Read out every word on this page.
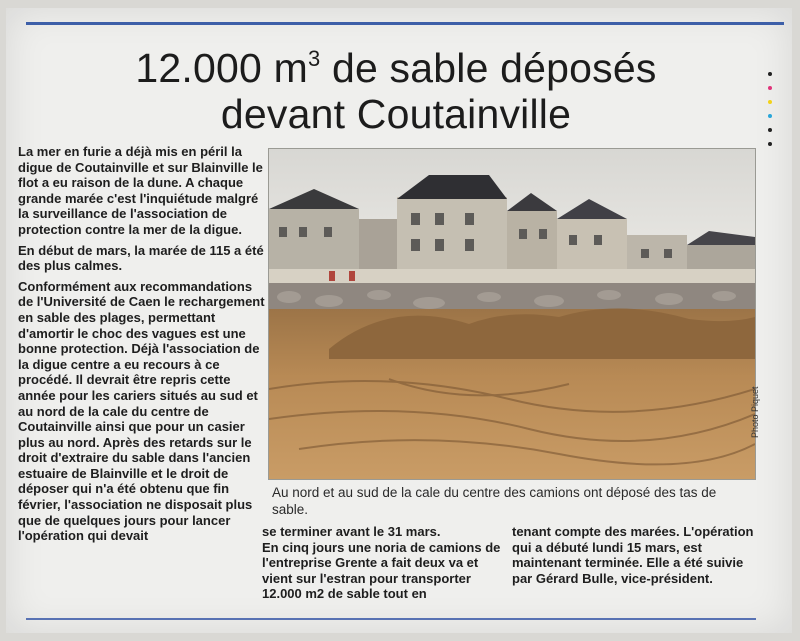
12.000 $m^3$ de sable déposés
devant Coutainville

La mer en furie a déjà mis en péril la digue de Coutainville et sur Blainville le flot a eu raison de la dune. A chaque grande marée c'est l'inquiétude malgré la surveillance de l'association de protection contre la mer de la digue.

En début de mars, la marée de 115 a été des plus calmes.

Conformément aux recommandations de l'Université de Caen le rechargement en sable des plages, permettant d'amortir le choc des vagues est une bonne protection. Déjà l'association de la digue centre a eu recours à ce procédé. Il devrait être repris cette année pour les cariers situés au sud et au nord de la cale du centre de Coutainville ainsi que pour un casier plus au nord. Après des retards sur le droit d'extraire du sable dans l'ancien estuaire de Blainville et le droit de déposer qui n'a été obtenu que fin février, l'association ne disposait plus que de quelques jours pour lancer l'opération qui devait

Photo Piquet
Au nord et au sud de la cale du centre des camions ont déposé des tas de sable.

se terminer avant le 31 mars.

En cinq jours une noria de camions de l'entreprise Grente a fait deux va et vient sur l'estran pour transporter 12.000 m2 de sable tout en

tenant compte des marées. L'opération qui a débuté lundi 15 mars, est maintenant terminée. Elle a été suivie par Gérard Bulle, vice-président.
